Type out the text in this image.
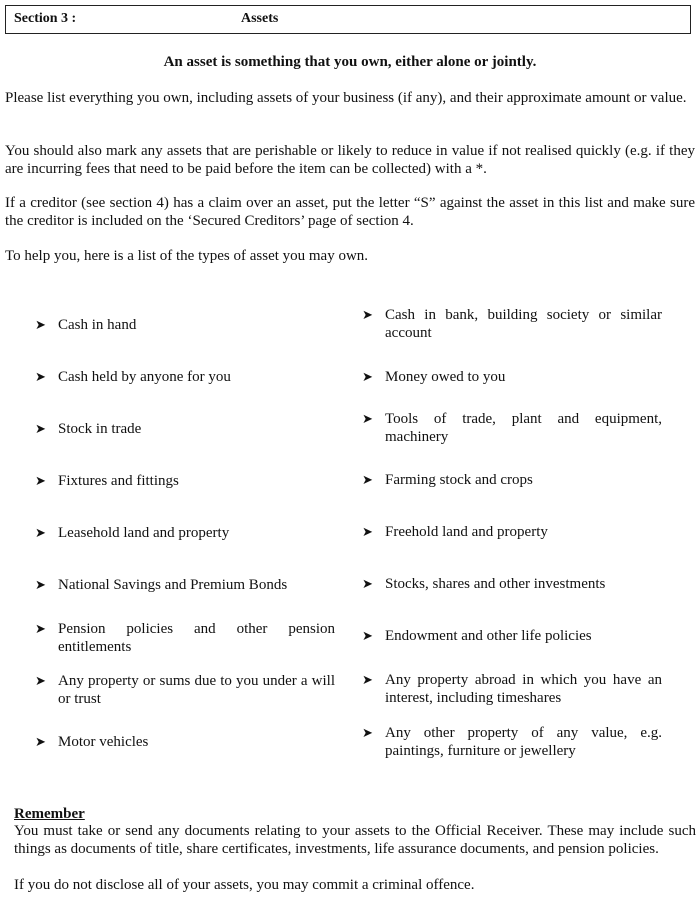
Section 3 :	Assets
An asset is something that you own, either alone or jointly.
Please list everything you own, including assets of your business (if any), and their approximate amount or value.
You should also mark any assets that are perishable or likely to reduce in value if not realised quickly (e.g. if they are incurring fees that need to be paid before the item can be collected) with a *.
If a creditor (see section 4) has a claim over an asset, put the letter “S” against the asset in this list and make sure the creditor is included on the ‘Secured Creditors’ page of section 4.
To help you, here is a list of the types of asset you may own.
➤ Cash in hand
➤ Cash held by anyone for you
➤ Stock in trade
➤ Fixtures and fittings
➤ Leasehold land and property
➤ National Savings and Premium Bonds
➤ Pension policies and other pension entitlements
➤ Any property or sums due to you under a will or trust
➤ Motor vehicles
➤ Cash in bank, building society or similar account
➤ Money owed to you
➤ Tools of trade, plant and equipment, machinery
➤ Farming stock and crops
➤ Freehold land and property
➤ Stocks, shares and other investments
➤ Endowment and other life policies
➤ Any property abroad in which you have an interest, including timeshares
➤ Any other property of any value, e.g. paintings, furniture or jewellery
Remember
You must take or send any documents relating to your assets to the Official Receiver. These may include such things as documents of title, share certificates, investments, life assurance documents, and pension policies.
If you do not disclose all of your assets, you may commit a criminal offence.
